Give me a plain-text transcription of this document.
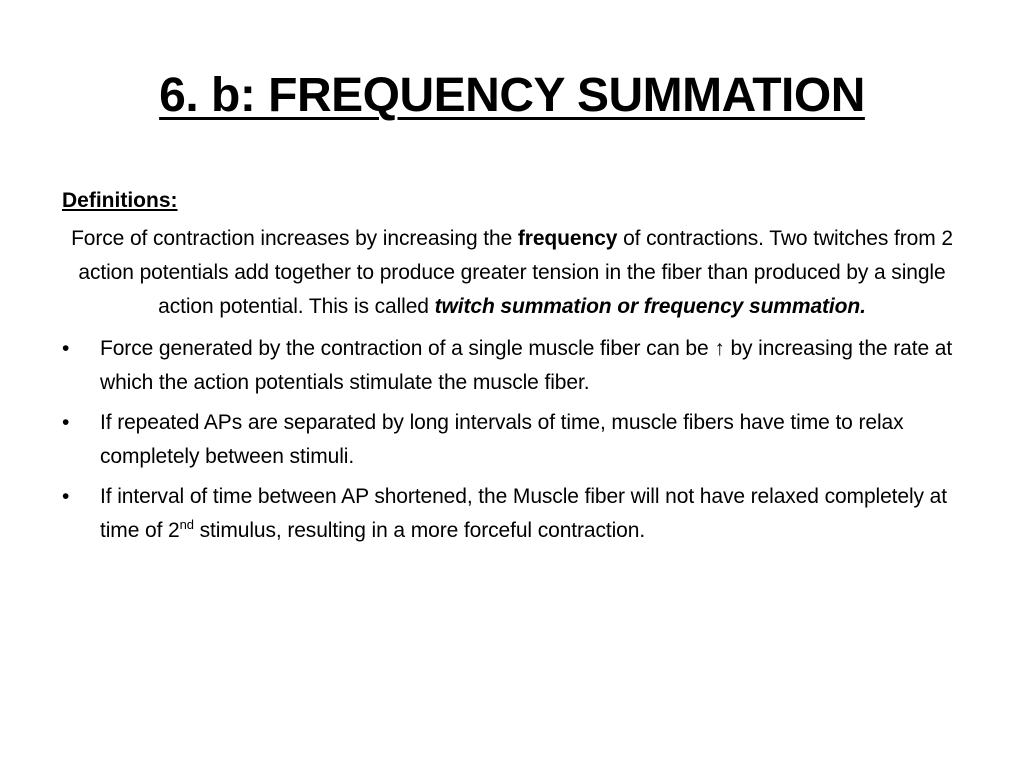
6. b: FREQUENCY SUMMATION

Definitions:

Force of contraction increases by increasing the frequency of contractions. Two twitches from 2 action potentials add together to produce greater tension in the fiber than produced by a single action potential. This is called twitch summation or frequency summation.

•	Force generated by the contraction of a single muscle fiber can be ↑ by increasing the rate at which the action potentials stimulate the muscle fiber.
•	If repeated APs are separated by long intervals of time, muscle fibers have time to relax completely between stimuli.
•	If interval of time between AP shortened, the Muscle fiber will not have relaxed completely at time of 2nd stimulus, resulting in a more forceful contraction.
